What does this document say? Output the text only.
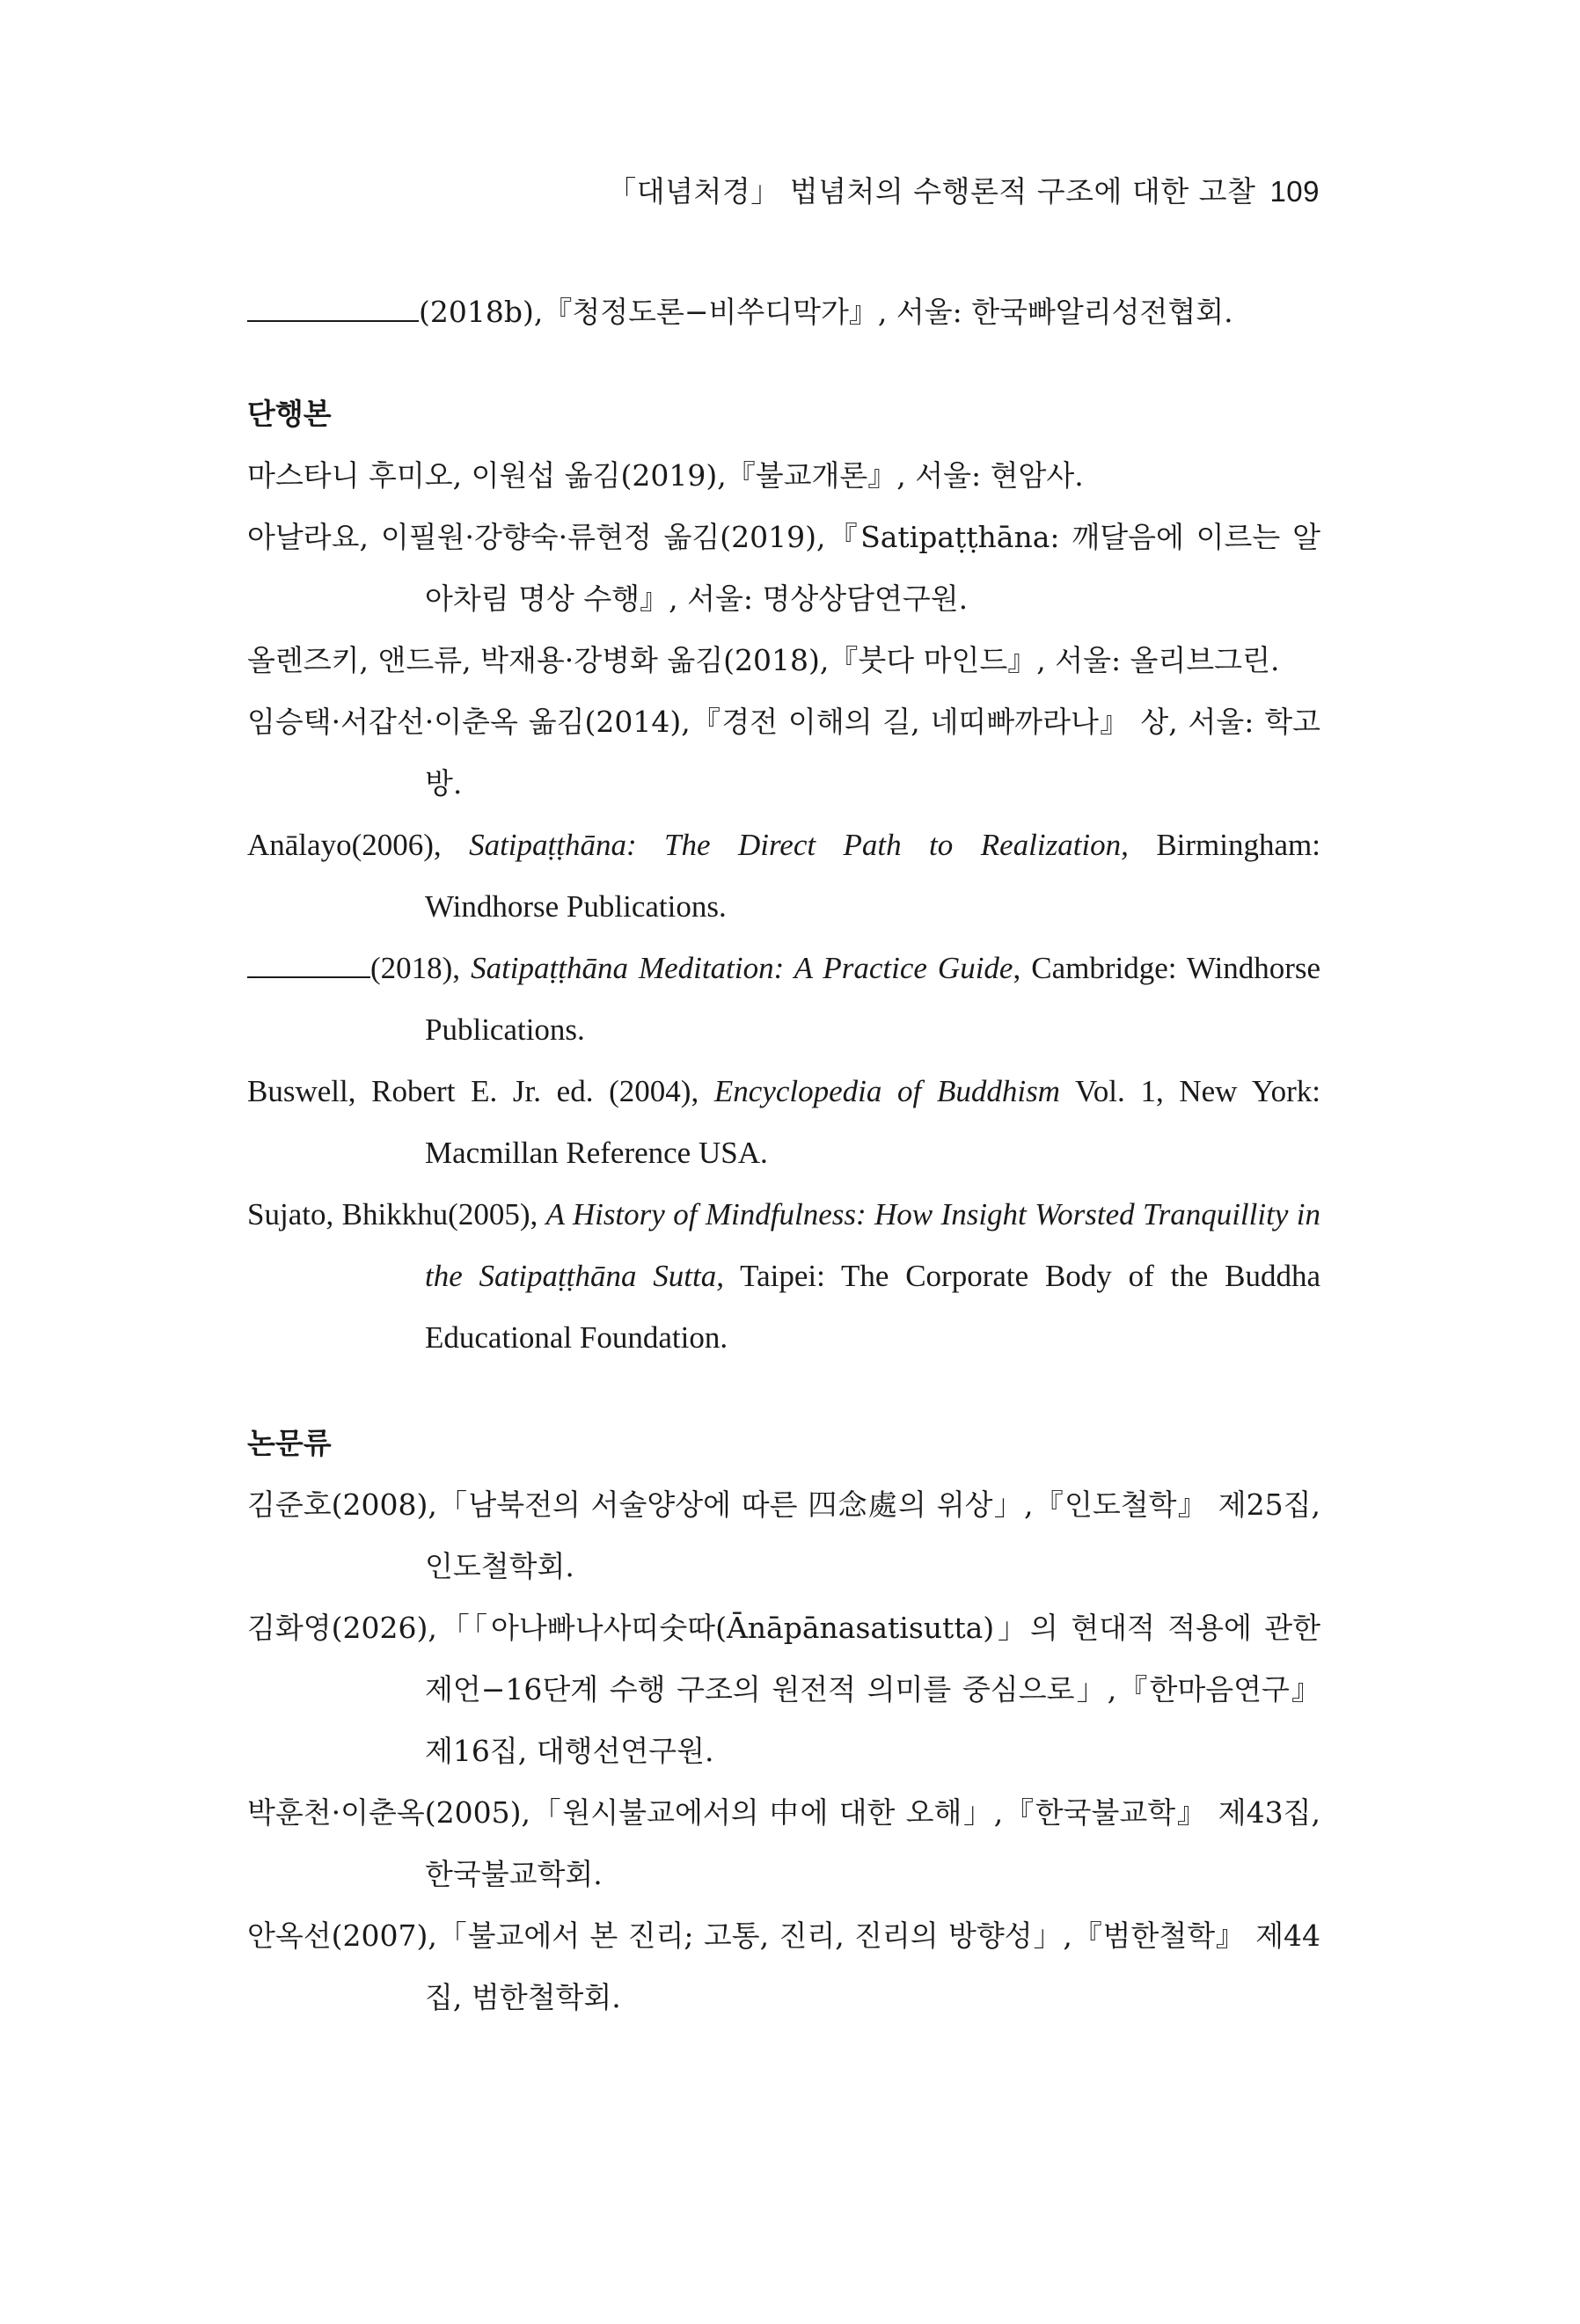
「대념처경」 법념처의 수행론적 구조에 대한 고찰 109

(2018b),『청정도론−비쑤디막가』, 서울: 한국빠알리성전협회.

단행본

마스타니 후미오, 이원섭 옮김(2019),『불교개론』, 서울: 현암사.

아날라요, 이필원·강향숙·류현정 옮김(2019),『Satipaṭṭhāna: 깨달음에 이르는 알아차림 명상 수행』, 서울: 명상상담연구원.

올렌즈키, 앤드류, 박재용·강병화 옮김(2018),『붓다 마인드』, 서울: 올리브그린.

임승택·서갑선·이춘옥 옮김(2014),『경전 이해의 길, 네띠빠까라나』 상, 서울: 학고방.

Anālayo(2006), Satipaṭṭhāna: The Direct Path to Realization, Birmingham: Windhorse Publications.

(2018), Satipaṭṭhāna Meditation: A Practice Guide, Cambridge: Windhorse Publications.

Buswell, Robert E. Jr. ed. (2004), Encyclopedia of Buddhism Vol. 1, New York: Macmillan Reference USA.

Sujato, Bhikkhu(2005), A History of Mindfulness: How Insight Worsted Tranquillity in the Satipaṭṭhāna Sutta, Taipei: The Corporate Body of the Buddha Educational Foundation.

논문류

김준호(2008),「남북전의 서술양상에 따른 四念處의 위상」,『인도철학』 제25집, 인도철학회.

김화영(2026),「「아나빠나사띠숫따(Ānāpānasatisutta)」의 현대적 적용에 관한 제언−16단계 수행 구조의 원전적 의미를 중심으로」,『한마음연구』 제16집, 대행선연구원.

박훈천·이춘옥(2005),「원시불교에서의 中에 대한 오해」,『한국불교학』 제43집, 한국불교학회.

안옥선(2007),「불교에서 본 진리; 고통, 진리, 진리의 방향성」,『범한철학』 제44집, 범한철학회.
